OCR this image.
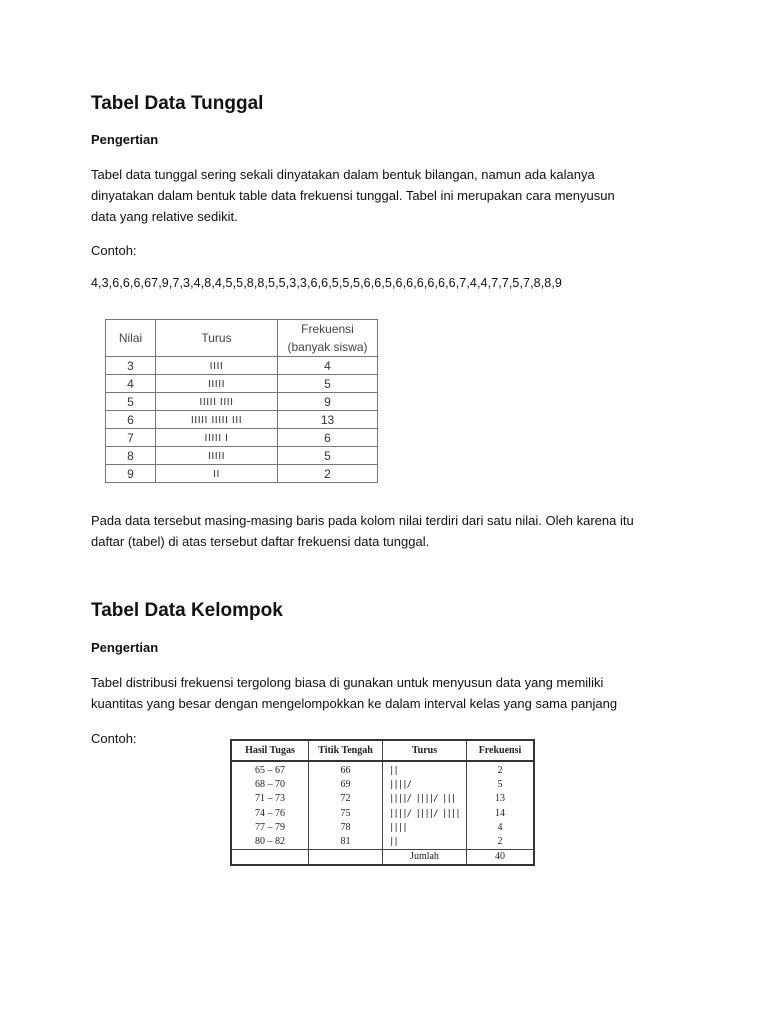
Tabel Data Tunggal
Pengertian
Tabel data tunggal sering sekali dinyatakan dalam bentuk bilangan, namun ada kalanya
dinyatakan dalam bentuk table data frekuensi tunggal. Tabel ini merupakan cara menyusun
data yang relative sedikit.
Contoh:
4,3,6,6,6,67,9,7,3,4,8,4,5,5,8,8,5,5,3,3,6,6,5,5,5,6,6,5,6,6,6,6,6,6,7,4,4,7,7,5,7,8,8,9
Nilai	Turus	Frekuensi
(banyak siswa)

3	IIII	4
4	IIIII	5
5	IIIII IIII	9
6	IIIII IIIII III	13
7	IIIII I	6
8	IIIII	5
9	II	2
Pada data tersebut masing-masing baris pada kolom nilai terdiri dari satu nilai. Oleh karena itu
daftar (tabel) di atas tersebut daftar frekuensi data tunggal.
Tabel Data Kelompok
Pengertian
Tabel distribusi frekuensi tergolong biasa di gunakan untuk menyusun data yang memiliki
kuantitas yang besar dengan mengelompokkan ke dalam interval kelas yang sama panjang
Contoh:
Hasil Tugas	Titik Tengah	Turus	Frekuensi
65 – 67	66	||	2
68 – 70	69	||||/	5
71 – 73	72	||||/ ||||/ |||	13
74 – 76	75	||||/ ||||/ ||||	14
77 – 79	78	||||	4
80 – 82	81	||	2
		Jumlah	40
